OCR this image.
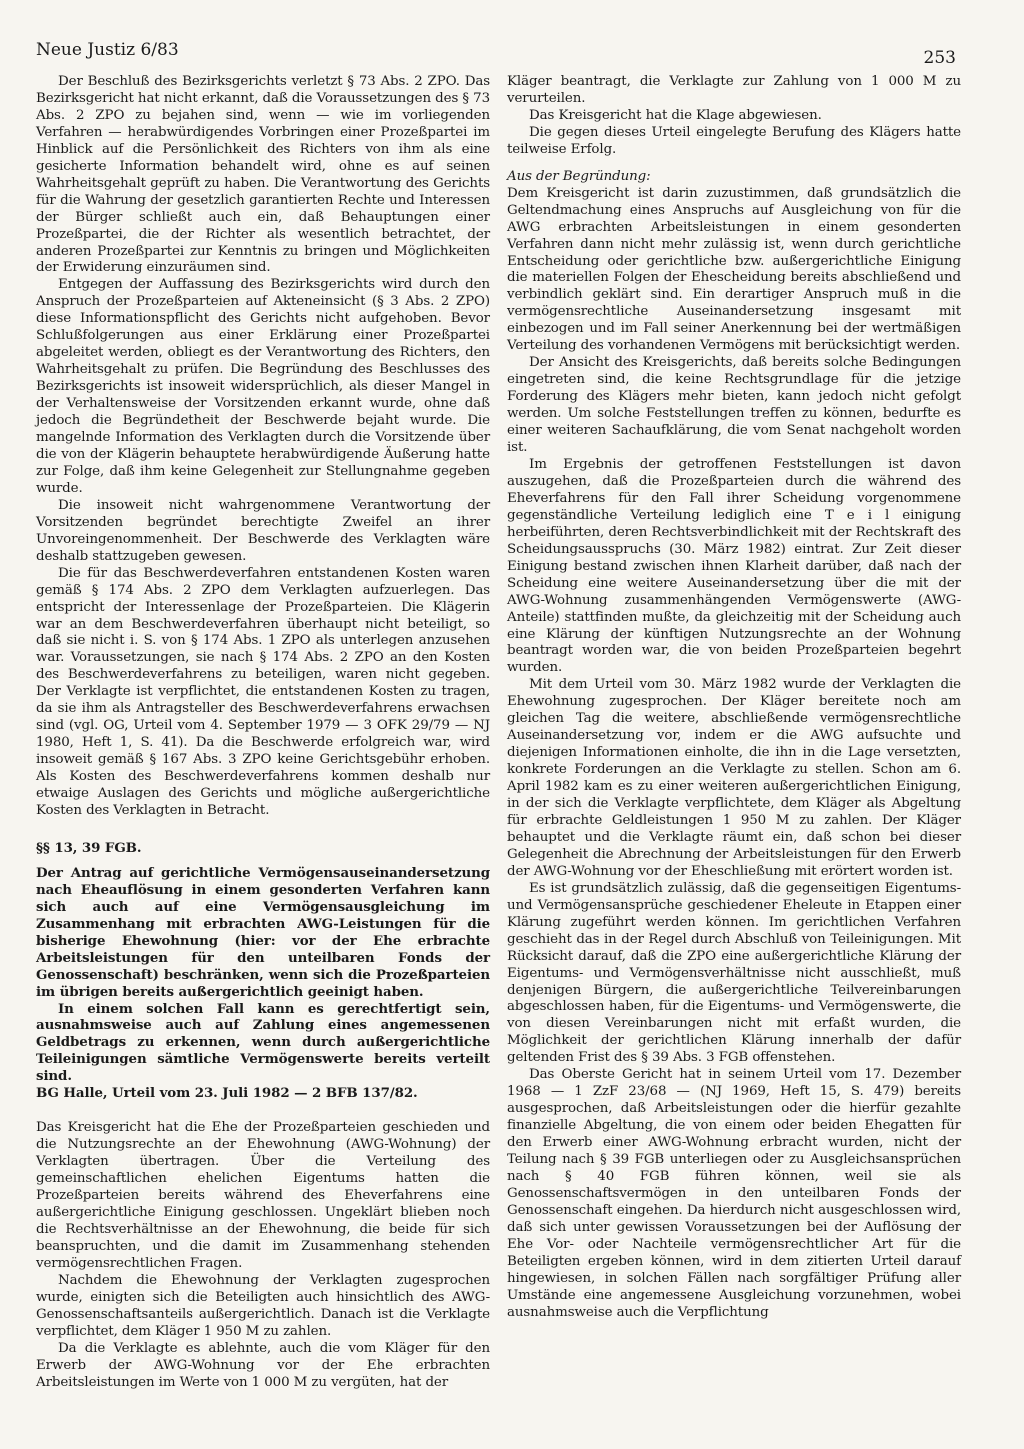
Neue Justiz 6/83	253

Der Beschluß des Bezirksgerichts verletzt § 73 Abs. 2 ZPO. Das Bezirksgericht hat nicht erkannt, daß die Voraussetzungen des § 73 Abs. 2 ZPO zu bejahen sind, wenn — wie im vorliegenden Verfahren — herabwürdigendes Vorbringen einer Prozeßpartei im Hinblick auf die Persönlichkeit des Richters von ihm als eine gesicherte Information behandelt wird, ohne es auf seinen Wahrheitsgehalt geprüft zu haben. Die Verantwortung des Gerichts für die Wahrung der gesetzlich garantierten Rechte und Interessen der Bürger schließt auch ein, daß Behauptungen einer Prozeßpartei, die der Richter als wesentlich betrachtet, der anderen Prozeßpartei zur Kenntnis zu bringen und Möglichkeiten der Erwiderung einzuräumen sind.

Entgegen der Auffassung des Bezirksgerichts wird durch den Anspruch der Prozeßparteien auf Akteneinsicht (§ 3 Abs. 2 ZPO) diese Informationspflicht des Gerichts nicht aufgehoben. Bevor Schlußfolgerungen aus einer Erklärung einer Prozeßpartei abgeleitet werden, obliegt es der Verantwortung des Richters, den Wahrheitsgehalt zu prüfen. Die Begründung des Beschlusses des Bezirksgerichts ist insoweit widersprüchlich, als dieser Mangel in der Verhaltensweise der Vorsitzenden erkannt wurde, ohne daß jedoch die Begründetheit der Beschwerde bejaht wurde. Die mangelnde Information des Verklagten durch die Vorsitzende über die von der Klägerin behauptete herabwürdigende Äußerung hatte zur Folge, daß ihm keine Gelegenheit zur Stellungnahme gegeben wurde.

Die insoweit nicht wahrgenommene Verantwortung der Vorsitzenden begründet berechtigte Zweifel an ihrer Unvoreingenommenheit. Der Beschwerde des Verklagten wäre deshalb stattzugeben gewesen.

Die für das Beschwerdeverfahren entstandenen Kosten waren gemäß § 174 Abs. 2 ZPO dem Verklagten aufzuerlegen. Das entspricht der Interessenlage der Prozeßparteien. Die Klägerin war an dem Beschwerdeverfahren überhaupt nicht beteiligt, so daß sie nicht i. S. von § 174 Abs. 1 ZPO als unterlegen anzusehen war. Voraussetzungen, sie nach § 174 Abs. 2 ZPO an den Kosten des Beschwerdeverfahrens zu beteiligen, waren nicht gegeben. Der Verklagte ist verpflichtet, die entstandenen Kosten zu tragen, da sie ihm als Antragsteller des Beschwerdeverfahrens erwachsen sind (vgl. OG, Urteil vom 4. September 1979 — 3 OFK 29/79 — NJ 1980, Heft 1, S. 41). Da die Beschwerde erfolgreich war, wird insoweit gemäß § 167 Abs. 3 ZPO keine Gerichtsgebühr erhoben. Als Kosten des Beschwerdeverfahrens kommen deshalb nur etwaige Auslagen des Gerichts und mögliche außergerichtliche Kosten des Verklagten in Betracht.

§§ 13, 39 FGB.

Der Antrag auf gerichtliche Vermögensauseinandersetzung nach Eheauflösung in einem gesonderten Verfahren kann sich auch auf eine Vermögensausgleichung im Zusammenhang mit erbrachten AWG-Leistungen für die bisherige Ehewohnung (hier: vor der Ehe erbrachte Arbeitsleistungen für den unteilbaren Fonds der Genossenschaft) beschränken, wenn sich die Prozeßparteien im übrigen bereits außergerichtlich geeinigt haben.

In einem solchen Fall kann es gerechtfertigt sein, ausnahmsweise auch auf Zahlung eines angemessenen Geldbetrags zu erkennen, wenn durch außergerichtliche Teileinigungen sämtliche Vermögenswerte bereits verteilt sind.

BG Halle, Urteil vom 23. Juli 1982 — 2 BFB 137/82.

Das Kreisgericht hat die Ehe der Prozeßparteien geschieden und die Nutzungsrechte an der Ehewohnung (AWG-Wohnung) der Verklagten übertragen. Über die Verteilung des gemeinschaftlichen ehelichen Eigentums hatten die Prozeßparteien bereits während des Eheverfahrens eine außergerichtliche Einigung geschlossen. Ungeklärt blieben noch die Rechtsverhältnisse an der Ehewohnung, die beide für sich beanspruchten, und die damit im Zusammenhang stehenden vermögensrechtlichen Fragen.

Nachdem die Ehewohnung der Verklagten zugesprochen wurde, einigten sich die Beteiligten auch hinsichtlich des AWG-Genossenschaftsanteils außergerichtlich. Danach ist die Verklagte verpflichtet, dem Kläger 1 950 M zu zahlen.

Da die Verklagte es ablehnte, auch die vom Kläger für den Erwerb der AWG-Wohnung vor der Ehe erbrachten Arbeitsleistungen im Werte von 1 000 M zu vergüten, hat der

Kläger beantragt, die Verklagte zur Zahlung von 1 000 M zu verurteilen.

Das Kreisgericht hat die Klage abgewiesen.

Die gegen dieses Urteil eingelegte Berufung des Klägers hatte teilweise Erfolg.

Aus der Begründung:

Dem Kreisgericht ist darin zuzustimmen, daß grundsätzlich die Geltendmachung eines Anspruchs auf Ausgleichung von für die AWG erbrachten Arbeitsleistungen in einem gesonderten Verfahren dann nicht mehr zulässig ist, wenn durch gerichtliche Entscheidung oder gerichtliche bzw. außergerichtliche Einigung die materiellen Folgen der Ehescheidung bereits abschließend und verbindlich geklärt sind. Ein derartiger Anspruch muß in die vermögensrechtliche Auseinandersetzung insgesamt mit einbezogen und im Fall seiner Anerkennung bei der wertmäßigen Verteilung des vorhandenen Vermögens mit berücksichtigt werden.

Der Ansicht des Kreisgerichts, daß bereits solche Bedingungen eingetreten sind, die keine Rechtsgrundlage für die jetzige Forderung des Klägers mehr bieten, kann jedoch nicht gefolgt werden. Um solche Feststellungen treffen zu können, bedurfte es einer weiteren Sachaufklärung, die vom Senat nachgeholt worden ist.

Im Ergebnis der getroffenen Feststellungen ist davon auszugehen, daß die Prozeßparteien durch die während des Eheverfahrens für den Fall ihrer Scheidung vorgenommene gegenständliche Verteilung lediglich eine T e i l einigung herbeiführten, deren Rechtsverbindlichkeit mit der Rechtskraft des Scheidungsausspruchs (30. März 1982) eintrat. Zur Zeit dieser Einigung bestand zwischen ihnen Klarheit darüber, daß nach der Scheidung eine weitere Auseinandersetzung über die mit der AWG-Wohnung zusammenhängenden Vermögenswerte (AWG-Anteile) stattfinden mußte, da gleichzeitig mit der Scheidung auch eine Klärung der künftigen Nutzungsrechte an der Wohnung beantragt worden war, die von beiden Prozeßparteien begehrt wurden.

Mit dem Urteil vom 30. März 1982 wurde der Verklagten die Ehewohnung zugesprochen. Der Kläger bereitete noch am gleichen Tag die weitere, abschließende vermögensrechtliche Auseinandersetzung vor, indem er die AWG aufsuchte und diejenigen Informationen einholte, die ihn in die Lage versetzten, konkrete Forderungen an die Verklagte zu stellen. Schon am 6. April 1982 kam es zu einer weiteren außergerichtlichen Einigung, in der sich die Verklagte verpflichtete, dem Kläger als Abgeltung für erbrachte Geldleistungen 1 950 M zu zahlen. Der Kläger behauptet und die Verklagte räumt ein, daß schon bei dieser Gelegenheit die Abrechnung der Arbeitsleistungen für den Erwerb der AWG-Wohnung vor der Eheschließung mit erörtert worden ist.

Es ist grundsätzlich zulässig, daß die gegenseitigen Eigentums- und Vermögensansprüche geschiedener Eheleute in Etappen einer Klärung zugeführt werden können. Im gerichtlichen Verfahren geschieht das in der Regel durch Abschluß von Teileinigungen. Mit Rücksicht darauf, daß die ZPO eine außergerichtliche Klärung der Eigentums- und Vermögensverhältnisse nicht ausschließt, muß denjenigen Bürgern, die außergerichtliche Teilvereinbarungen abgeschlossen haben, für die Eigentums- und Vermögenswerte, die von diesen Vereinbarungen nicht mit erfaßt wurden, die Möglichkeit der gerichtlichen Klärung innerhalb der dafür geltenden Frist des § 39 Abs. 3 FGB offenstehen.

Das Oberste Gericht hat in seinem Urteil vom 17. Dezember 1968 — 1 ZzF 23/68 — (NJ 1969, Heft 15, S. 479) bereits ausgesprochen, daß Arbeitsleistungen oder die hierfür gezahlte finanzielle Abgeltung, die von einem oder beiden Ehegatten für den Erwerb einer AWG-Wohnung erbracht wurden, nicht der Teilung nach § 39 FGB unterliegen oder zu Ausgleichsansprüchen nach § 40 FGB führen können, weil sie als Genossenschaftsvermögen in den unteilbaren Fonds der Genossenschaft eingehen. Da hierdurch nicht ausgeschlossen wird, daß sich unter gewissen Voraussetzungen bei der Auflösung der Ehe Vor- oder Nachteile vermögensrechtlicher Art für die Beteiligten ergeben können, wird in dem zitierten Urteil darauf hingewiesen, in solchen Fällen nach sorgfältiger Prüfung aller Umstände eine angemessene Ausgleichung vorzunehmen, wobei ausnahmsweise auch die Verpflichtung
